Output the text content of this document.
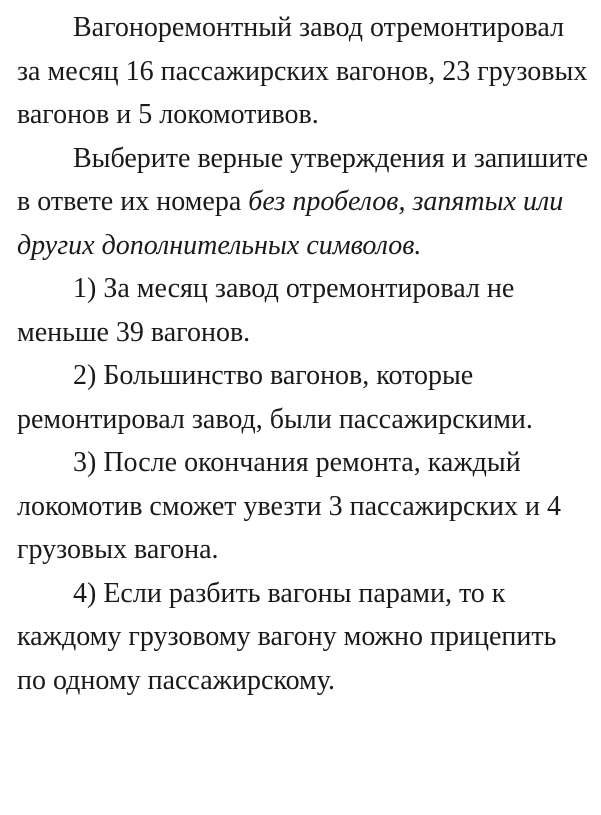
Вагоноремонтный завод отремонтировал за месяц 16 пассажирских вагонов, 23 грузовых вагонов и 5 локомотивов.

Выберите верные утверждения и запишите в ответе их номера без пробелов, запятых или других дополнительных символов.

1) За месяц завод отремонтировал не меньше 39 вагонов.

2) Большинство вагонов, которые ремонтировал завод, были пассажирскими.

3) После окончания ремонта, каждый локомотив сможет увезти 3 пассажирских и 4 грузовых вагона.

4) Если разбить вагоны парами, то к каждому грузовому вагону можно прицепить по одному пассажирскому.
